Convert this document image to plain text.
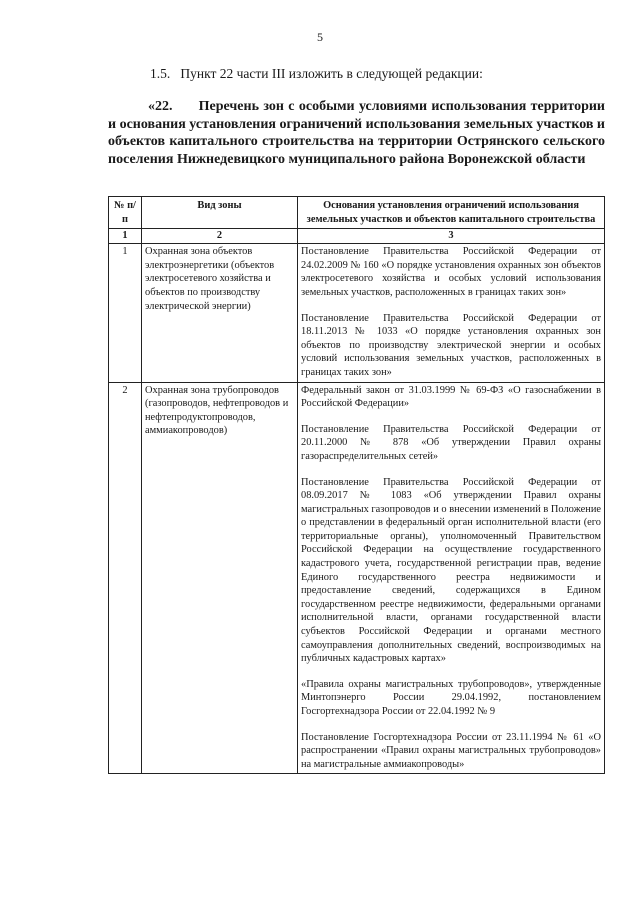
5
1.5.   Пункт 22 части III изложить в следующей редакции:
«22. Перечень зон с особыми условиями использования территории и основания установления ограничений использования земельных участков и объектов капитального строительства на территории Острянского сельского поселения Нижнедевицкого муниципального района Воронежской области
№ п/п	Вид зоны	Основания установления ограничений использования земельных участков и объектов капитального строительства
1	2	3
1	Охранная зона объектов электроэнергетики (объектов электросетевого хозяйства и объектов по производству электрической энергии)	Постановление Правительства Российской Федерации от 24.02.2009 № 160 «О порядке установления охранных зон объектов электросетевого хозяйства и особых условий использования земельных участков, расположенных в границах таких зон»
Постановление Правительства Российской Федерации от 18.11.2013 № 1033 «О порядке установления охранных зон объектов по производству электрической энергии и особых условий использования земельных участков, расположенных в границах таких зон»

2	Охранная зона трубопроводов (газопроводов, нефтепроводов и нефтепродуктопроводов, аммиакопроводов)	Федеральный закон от 31.03.1999 № 69-ФЗ «О газоснабжении в Российской Федерации»
Постановление Правительства Российской Федерации от 20.11.2000 № 878 «Об утверждении Правил охраны газораспределительных сетей»
Постановление Правительства Российской Федерации от 08.09.2017 № 1083 «Об утверждении Правил охраны магистральных газопроводов и о внесении изменений в Положение о представлении в федеральный орган исполнительной власти (его территориальные органы), уполномоченный Правительством Российской Федерации на осуществление государственного кадастрового учета, государственной регистрации прав, ведение Единого государственного реестра недвижимости и предоставление сведений, содержащихся в Едином государственном реестре недвижимости, федеральными органами исполнительной власти, органами государственной власти субъектов Российской Федерации и органами местного самоуправления дополнительных сведений, воспроизводимых на публичных кадастровых картах»
«Правила охраны магистральных трубопроводов», утвержденные Минтопэнерго России 29.04.1992, постановлением Госгортехнадзора России от 22.04.1992 № 9
Постановление Госгортехнадзора России от 23.11.1994 № 61 «О распространении «Правил охраны магистральных трубопроводов» на магистральные аммиакопроводы»
